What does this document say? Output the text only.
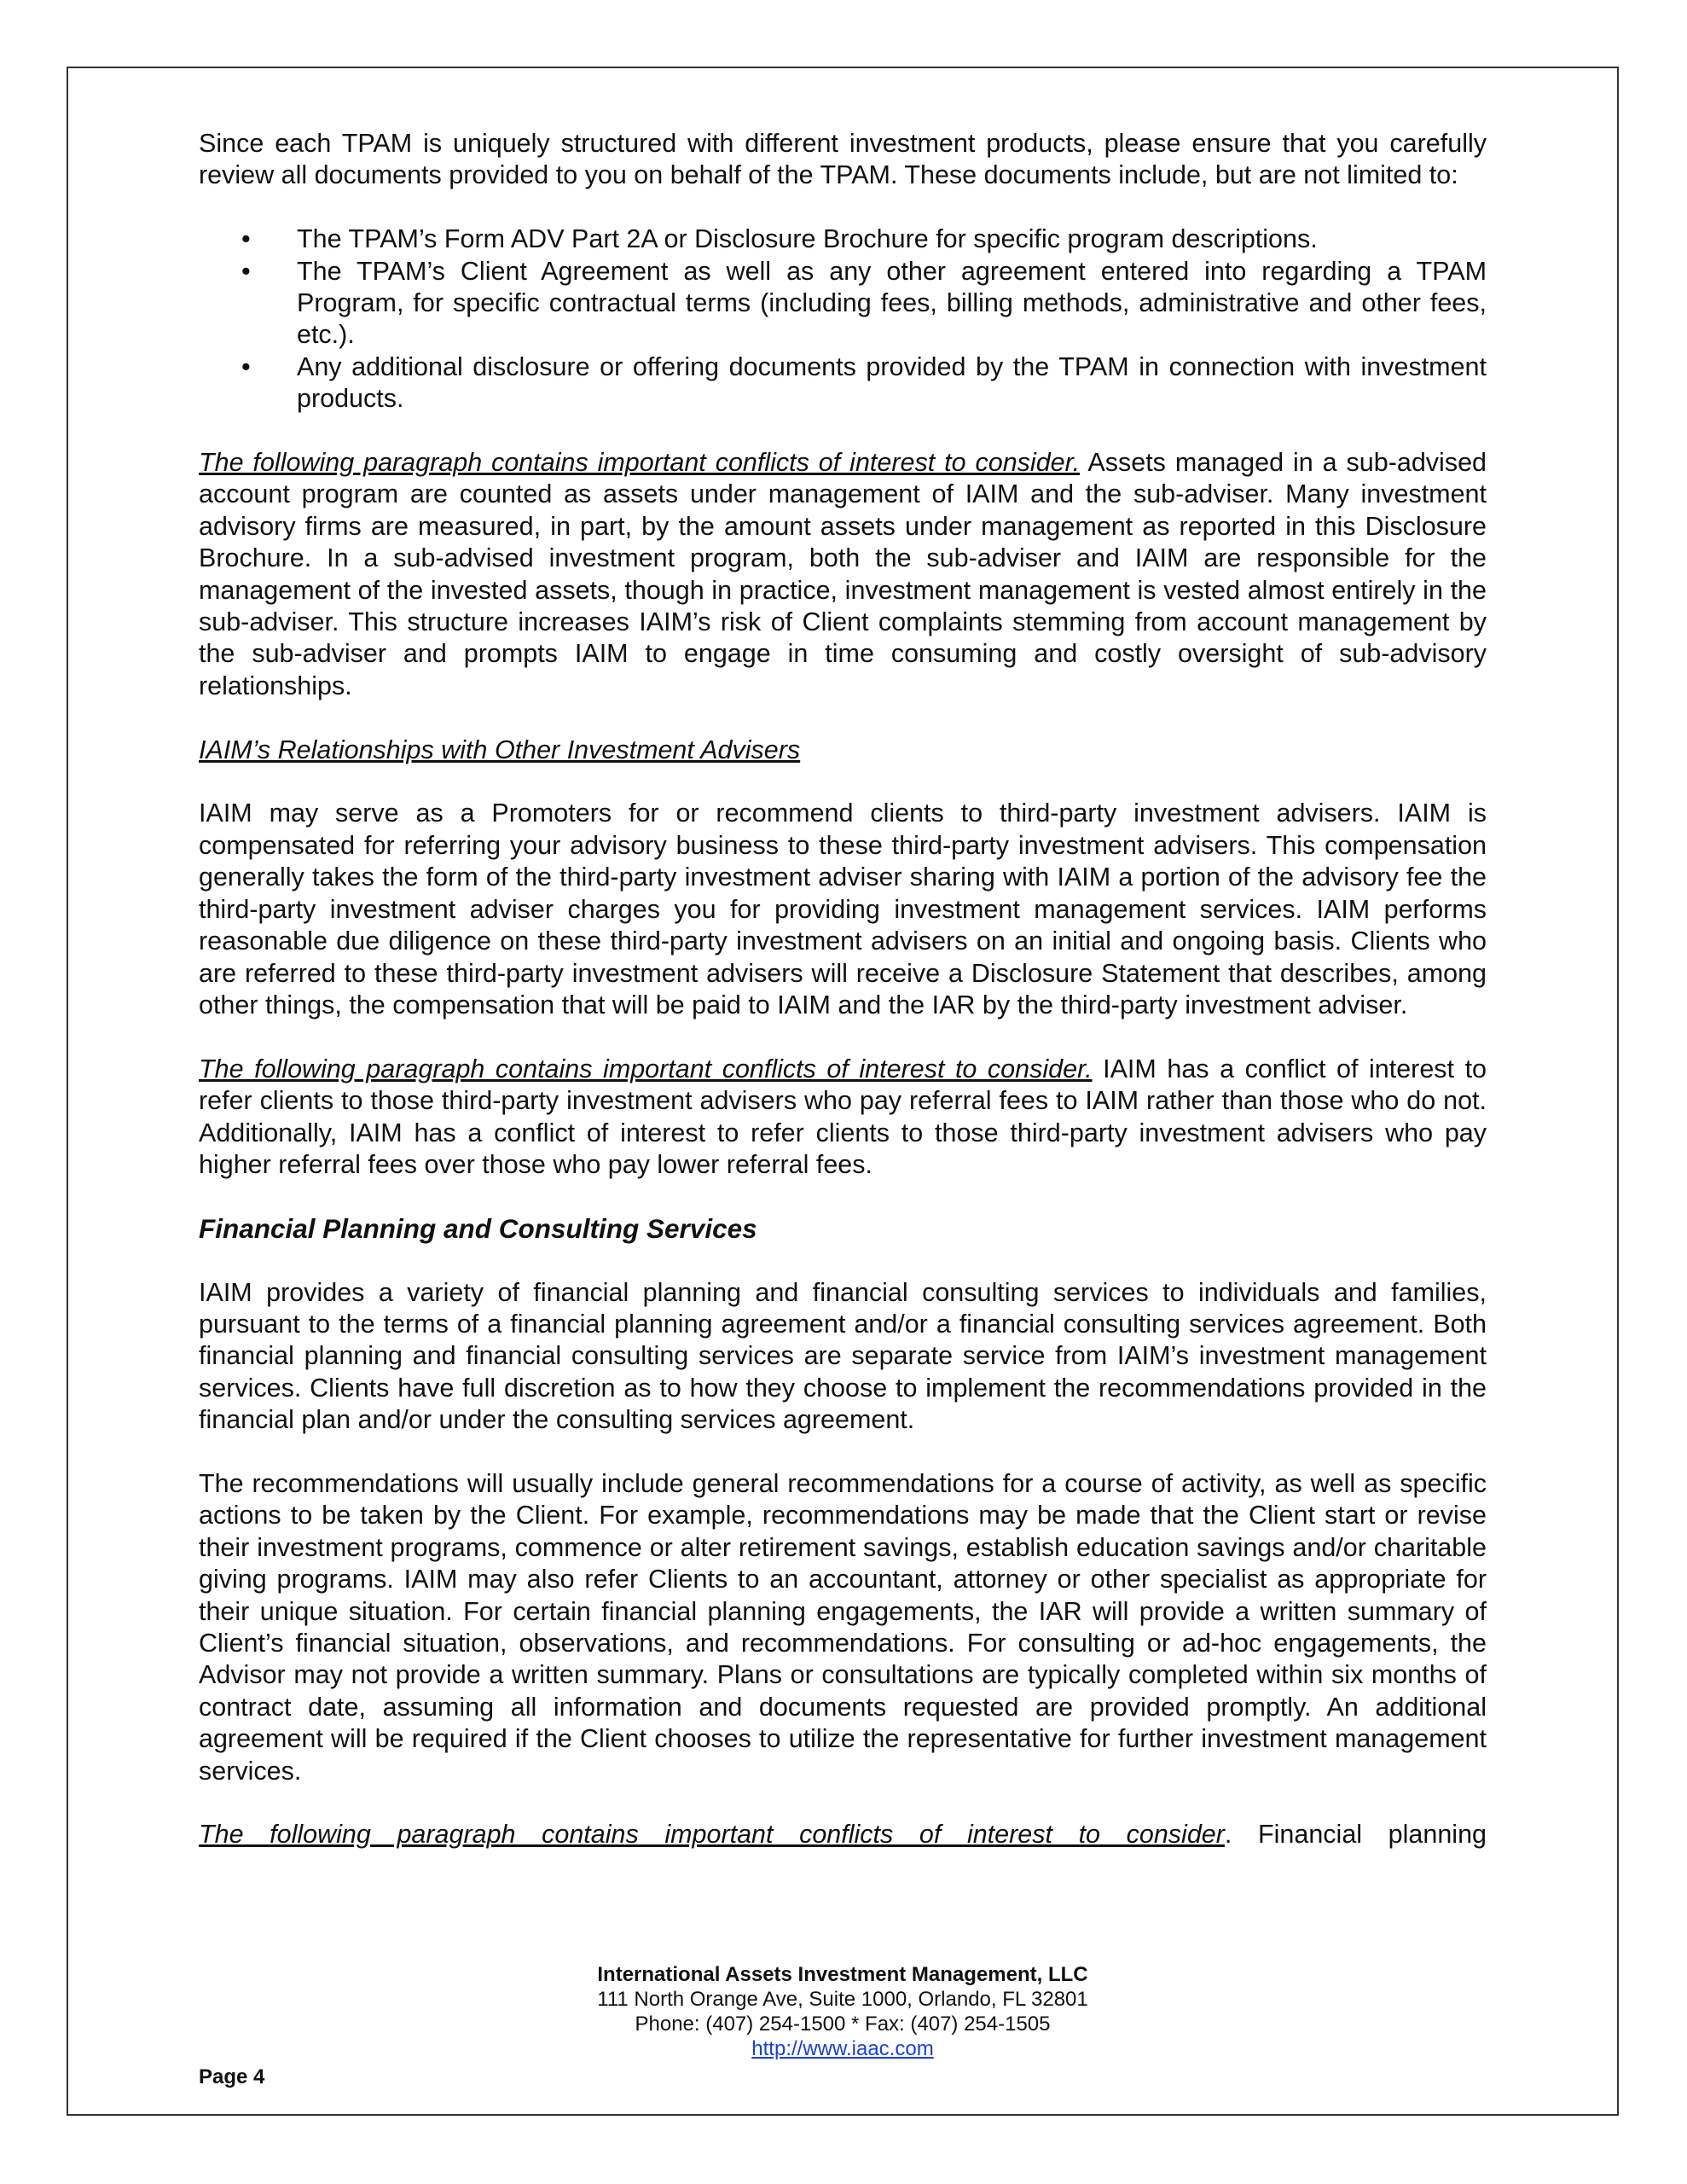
Since each TPAM is uniquely structured with different investment products, please ensure that you carefully review all documents provided to you on behalf of the TPAM. These documents include, but are not limited to:

• The TPAM’s Form ADV Part 2A or Disclosure Brochure for specific program descriptions.
• The TPAM’s Client Agreement as well as any other agreement entered into regarding a TPAM Program, for specific contractual terms (including fees, billing methods, administrative and other fees, etc.).
• Any additional disclosure or offering documents provided by the TPAM in connection with investment products.

The following paragraph contains important conflicts of interest to consider. Assets managed in a sub-advised account program are counted as assets under management of IAIM and the sub-adviser. Many investment advisory firms are measured, in part, by the amount assets under management as reported in this Disclosure Brochure. In a sub-advised investment program, both the sub-adviser and IAIM are responsible for the management of the invested assets, though in practice, investment management is vested almost entirely in the sub-adviser. This structure increases IAIM’s risk of Client complaints stemming from account management by the sub-adviser and prompts IAIM to engage in time consuming and costly oversight of sub-advisory relationships.

IAIM’s Relationships with Other Investment Advisers

IAIM may serve as a Promoters for or recommend clients to third-party investment advisers. IAIM is compensated for referring your advisory business to these third-party investment advisers. This compensation generally takes the form of the third-party investment adviser sharing with IAIM a portion of the advisory fee the third-party investment adviser charges you for providing investment management services. IAIM performs reasonable due diligence on these third-party investment advisers on an initial and ongoing basis. Clients who are referred to these third-party investment advisers will receive a Disclosure Statement that describes, among other things, the compensation that will be paid to IAIM and the IAR by the third-party investment adviser.

The following paragraph contains important conflicts of interest to consider. IAIM has a conflict of interest to refer clients to those third-party investment advisers who pay referral fees to IAIM rather than those who do not. Additionally, IAIM has a conflict of interest to refer clients to those third-party investment advisers who pay higher referral fees over those who pay lower referral fees.

Financial Planning and Consulting Services

IAIM provides a variety of financial planning and financial consulting services to individuals and families, pursuant to the terms of a financial planning agreement and/or a financial consulting services agreement. Both financial planning and financial consulting services are separate service from IAIM’s investment management services. Clients have full discretion as to how they choose to implement the recommendations provided in the financial plan and/or under the consulting services agreement.

The recommendations will usually include general recommendations for a course of activity, as well as specific actions to be taken by the Client. For example, recommendations may be made that the Client start or revise their investment programs, commence or alter retirement savings, establish education savings and/or charitable giving programs. IAIM may also refer Clients to an accountant, attorney or other specialist as appropriate for their unique situation. For certain financial planning engagements, the IAR will provide a written summary of Client’s financial situation, observations, and recommendations. For consulting or ad-hoc engagements, the Advisor may not provide a written summary. Plans or consultations are typically completed within six months of contract date, assuming all information and documents requested are provided promptly. An additional agreement will be required if the Client chooses to utilize the representative for further investment management services.

The following paragraph contains important conflicts of interest to consider. Financial planning

International Assets Investment Management, LLC
111 North Orange Ave, Suite 1000, Orlando, FL 32801
Phone: (407) 254-1500 * Fax: (407) 254-1505
http://www.iaac.com
Page 4
